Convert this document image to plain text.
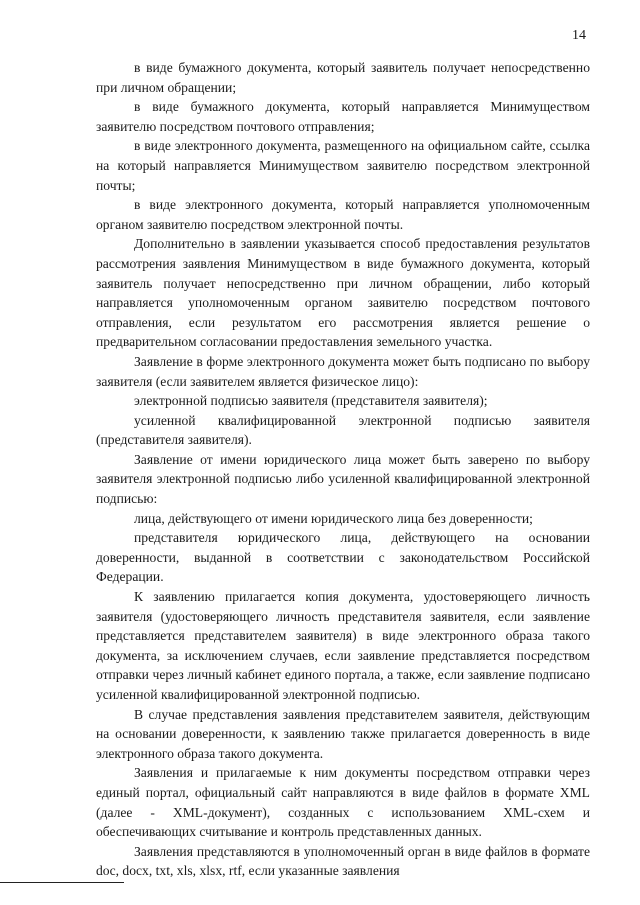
14

в виде бумажного документа, который заявитель получает непосредственно при личном обращении;

в виде бумажного документа, который направляется Минимуществом заявителю посредством почтового отправления;

в виде электронного документа, размещенного на официальном сайте, ссылка на который направляется Минимуществом заявителю посредством электронной почты;

в виде электронного документа, который направляется уполномоченным органом заявителю посредством электронной почты.

Дополнительно в заявлении указывается способ предоставления результатов рассмотрения заявления Минимуществом в виде бумажного документа, который заявитель получает непосредственно при личном обращении, либо который направляется уполномоченным органом заявителю посредством почтового отправления, если результатом его рассмотрения является решение о предварительном согласовании предоставления земельного участка.

Заявление в форме электронного документа может быть подписано по выбору заявителя (если заявителем является физическое лицо):

электронной подписью заявителя (представителя заявителя);

усиленной квалифицированной электронной подписью заявителя (представителя заявителя).

Заявление от имени юридического лица может быть заверено по выбору заявителя электронной подписью либо усиленной квалифицированной электронной подписью:

лица, действующего от имени юридического лица без доверенности;

представителя юридического лица, действующего на основании доверенности, выданной в соответствии с законодательством Российской Федерации.

К заявлению прилагается копия документа, удостоверяющего личность заявителя (удостоверяющего личность представителя заявителя, если заявление представляется представителем заявителя) в виде электронного образа такого документа, за исключением случаев, если заявление представляется посредством отправки через личный кабинет единого портала, а также, если заявление подписано усиленной квалифицированной электронной подписью.

В случае представления заявления представителем заявителя, действующим на основании доверенности, к заявлению также прилагается доверенность в виде электронного образа такого документа.

Заявления и прилагаемые к ним документы посредством отправки через единый портал, официальный сайт направляются в виде файлов в формате XML (далее - XML-документ), созданных с использованием XML-схем и обеспечивающих считывание и контроль представленных данных.

Заявления представляются в уполномоченный орган в виде файлов в формате doc, docx, txt, xls, xlsx, rtf, если указанные заявления
